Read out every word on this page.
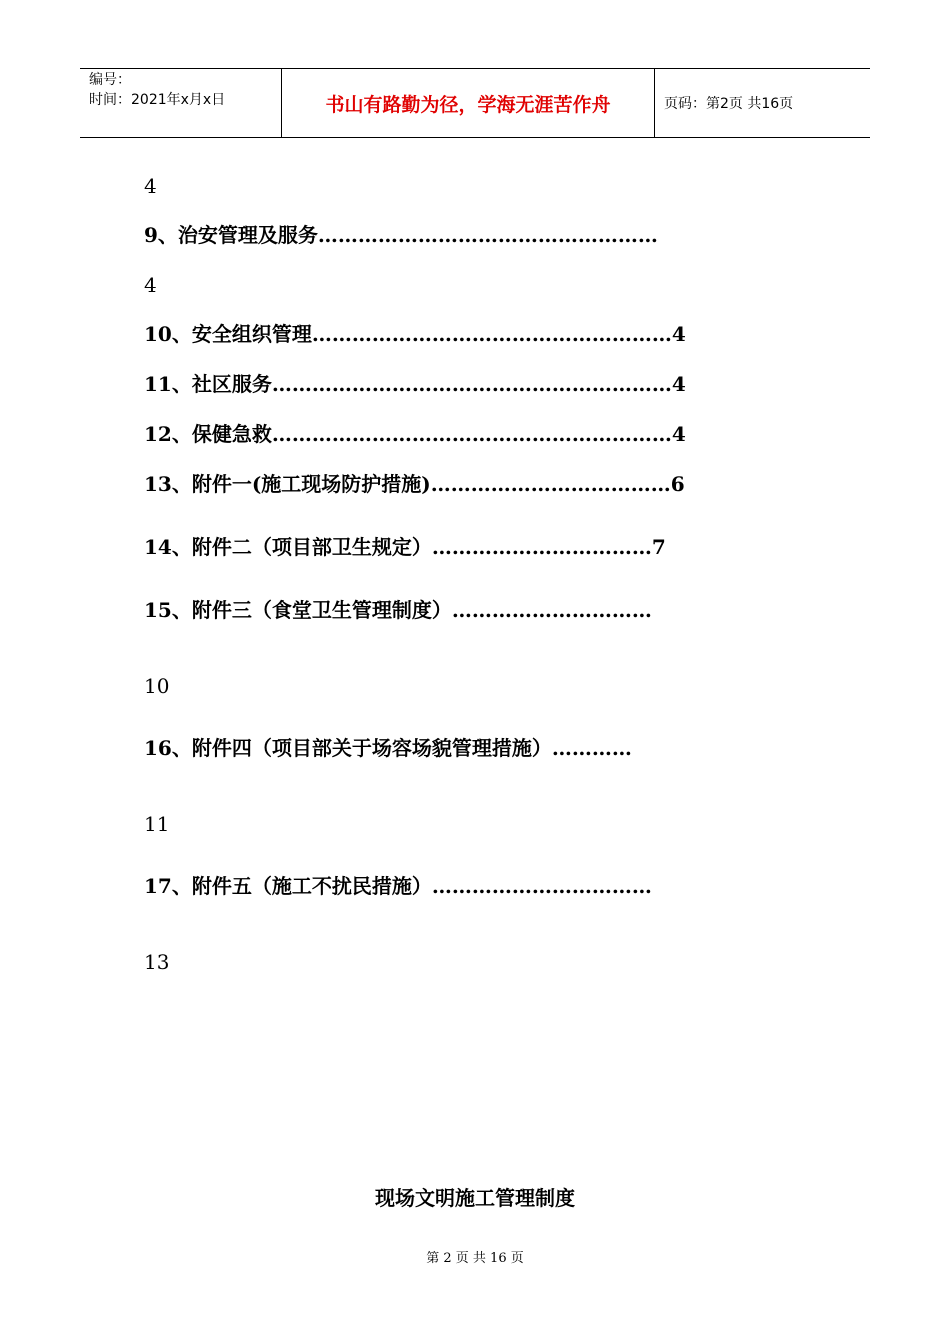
编号：
时间：2021年x月x日	书山有路勤为径，学海无涯苦作舟	页码：第2页 共16页
4
9、治安管理及服务……………………………………………
4
10、安全组织管理………………………………………………4
11、社区服务……………………………………………………4
12、保健急救……………………………………………………4
13、附件一(施工现场防护措施)………………………………6
14、附件二（项目部卫生规定）……………………………7
15、附件三（食堂卫生管理制度）…………………………
10
16、附件四（项目部关于场容场貌管理措施）…………
11
17、附件五（施工不扰民措施）……………………………
13
现场文明施工管理制度
第 2 页 共 16 页
